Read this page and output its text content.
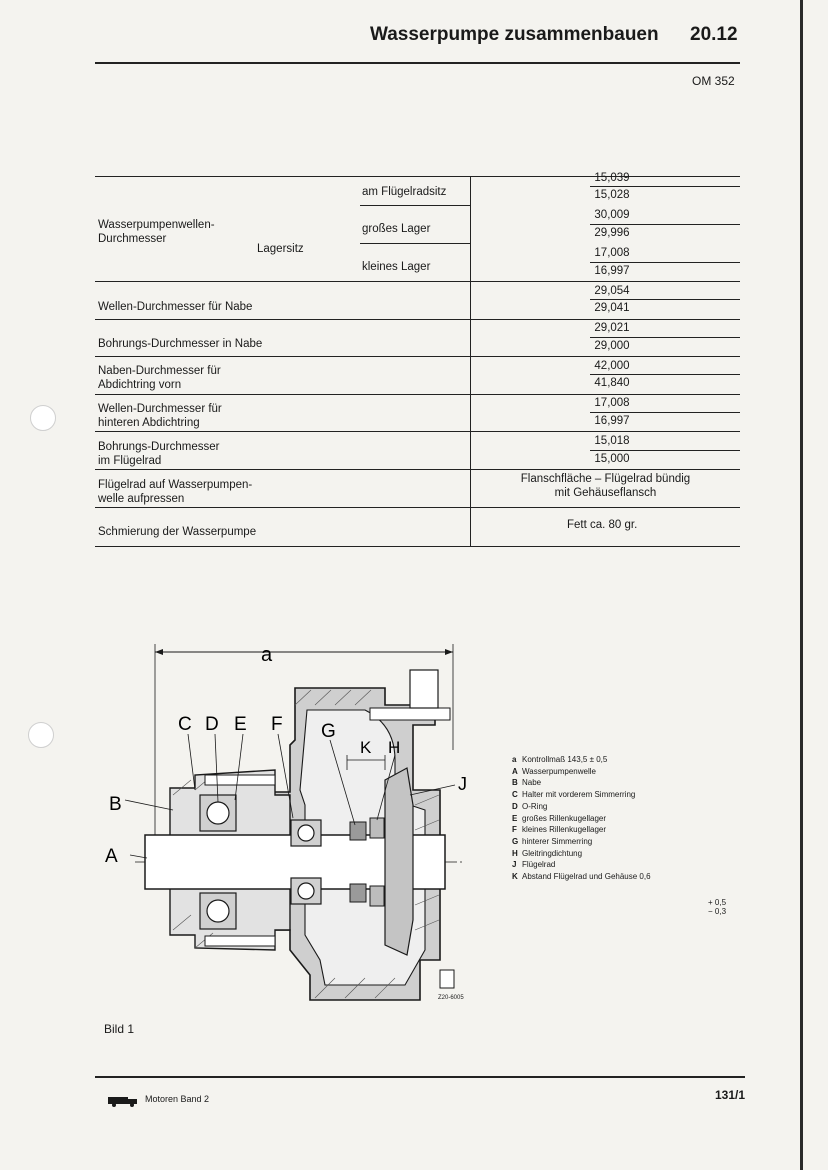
Wasserpumpe zusammenbauen 20.12
OM 352
Wasserpumpenwellen-
Durchmesser
Lagersitz
am Flügelradsitz
großes Lager
kleines Lager
Wellen-Durchmesser für Nabe
Bohrungs-Durchmesser in Nabe
Naben-Durchmesser für
Abdichtring vorn
Wellen-Durchmesser für
hinteren Abdichtring
Bohrungs-Durchmesser
im Flügelrad
Flügelrad auf Wasserpumpen-
welle aufpressen
Schmierung der Wasserpumpe
15,039
15,028
30,009
29,996
17,008
16,997
29,054
29,041
29,021
29,000
42,000
41,840
17,008
16,997
15,018
15,000
Flanschfläche – Flügelrad bündig
mit Gehäuseflansch
Fett ca. 80 gr.
a
A
B
C D E F G
H
J
K
Z20-6005
Bild 1
a Kontrollmaß 143,5 ± 0,5
A Wasserpumpenwelle
B Nabe
C Halter mit vorderem Simmerring
D O-Ring
E großes Rillenkugellager
F kleines Rillenkugellager
G hinterer Simmerring
H Gleitringdichtung
J Flügelrad
K Abstand Flügelrad und Gehäuse 0,6
+ 0,5
− 0,3
Motoren Band 2	131/1
